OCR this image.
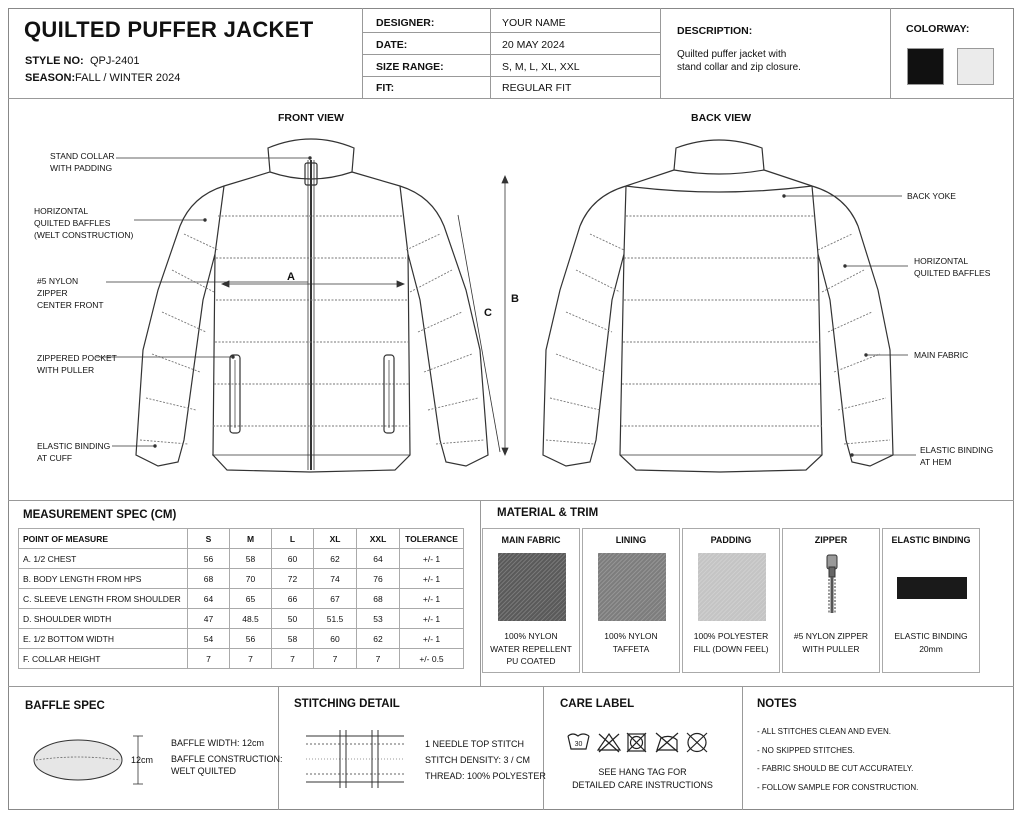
QUILTED PUFFER JACKET
STYLE NO: QPJ-2401
SEASON: FALL / WINTER 2024
DESIGNER:	YOUR NAME
DATE:	20 MAY 2024
SIZE RANGE:	S, M, L, XL, XXL
FIT:	REGULAR FIT
DESCRIPTION:
Quilted puffer jacket with
stand collar and zip closure.
COLORWAY:
FRONT VIEW	BACK VIEW
STAND COLLAR
WITH PADDING
HORIZONTAL
QUILTED BAFFLES
(WELT CONSTRUCTION)
#5 NYLON
ZIPPER
CENTER FRONT
ZIPPERED POCKET
WITH PULLER
ELASTIC BINDING
AT CUFF
BACK YOKE
HORIZONTAL
QUILTED BAFFLES
MAIN FABRIC
ELASTIC BINDING
AT HEM
A
B
C
MEASUREMENT SPEC (CM)
POINT OF MEASURE	S	M	L	XL	XXL	TOLERANCE
A. 1/2 CHEST	56	58	60	62	64	+/- 1
B. BODY LENGTH FROM HPS	68	70	72	74	76	+/- 1
C. SLEEVE LENGTH FROM SHOULDER	64	65	66	67	68	+/- 1
D. SHOULDER WIDTH	47	48.5	50	51.5	53	+/- 1
E. 1/2 BOTTOM WIDTH	54	56	58	60	62	+/- 1
F. COLLAR HEIGHT	7	7	7	7	7	+/- 0.5
MATERIAL & TRIM
MAIN FABRIC
100% NYLON
WATER REPELLENT
PU COATED
LINING
100% NYLON
TAFFETA
PADDING
100% POLYESTER
FILL (DOWN FEEL)
ZIPPER
#5 NYLON ZIPPER
WITH PULLER
ELASTIC BINDING
ELASTIC BINDING
20mm
BAFFLE SPEC
12cm
BAFFLE WIDTH: 12cm
BAFFLE CONSTRUCTION:
WELT QUILTED
STITCHING DETAIL
1 NEEDLE TOP STITCH
STITCH DENSITY: 3 / CM
THREAD: 100% POLYESTER
CARE LABEL
30
SEE HANG TAG FOR
DETAILED CARE INSTRUCTIONS
NOTES
- ALL STITCHES CLEAN AND EVEN.
- NO SKIPPED STITCHES.
- FABRIC SHOULD BE CUT ACCURATELY.
- FOLLOW SAMPLE FOR CONSTRUCTION.
